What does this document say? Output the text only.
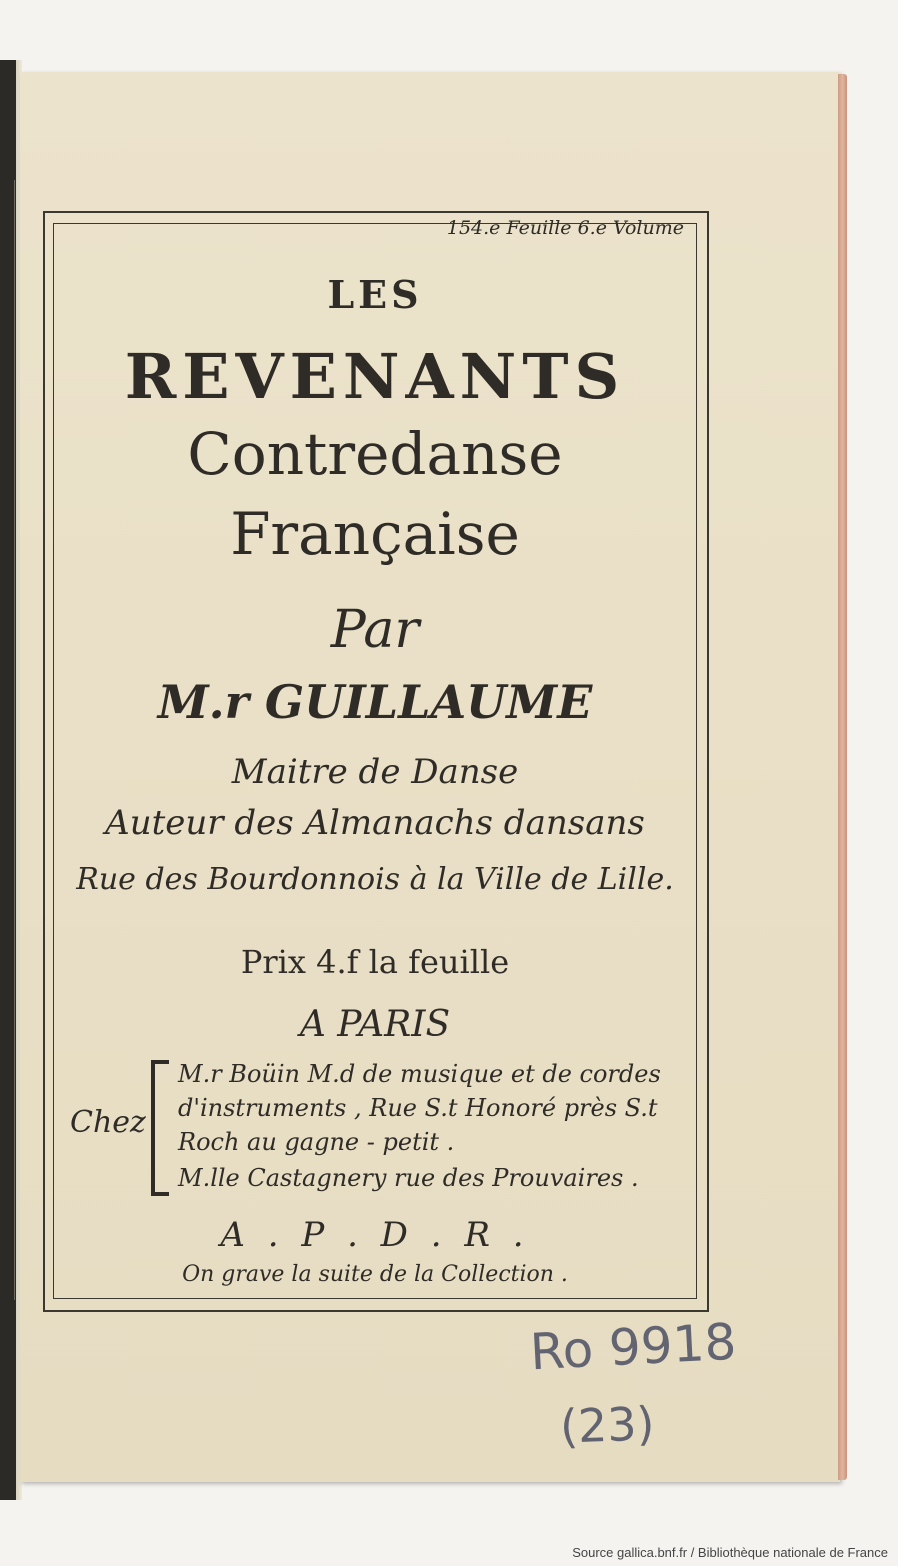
154.e Feuille 6.e Volume
LES
REVENANTS
Contredanse
Française
Par
M.r GUILLAUME
Maitre de Danse
Auteur des Almanachs dansans
Rue des Bourdonnois à la Ville de Lille.
Prix 4.f la feuille
A PARIS
Chez
M.r Boüin M.d de musique et de cordes
d'instruments , Rue S.t Honoré près S.t
Roch au gagne - petit .
M.lle Castagnery rue des Prouvaires .
A . P . D . R .
On grave la suite de la Collection .
Ro 9918
(23)
Source gallica.bnf.fr / Bibliothèque nationale de France
